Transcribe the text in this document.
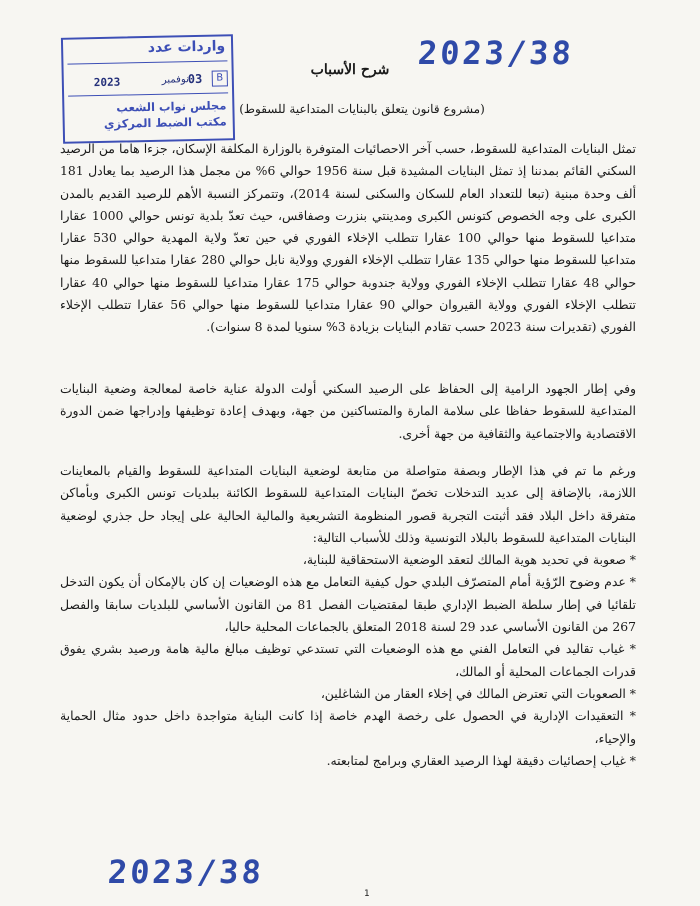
2023/38
واردات عدد
2023	نوفمبر
03	B
مجلس نواب الشعب
مكتب الضبط المركزي
شرح الأسباب
(مشروع قانون يتعلق بالبنايات المتداعية للسقوط)

تمثل البنايات المتداعية للسقوط، حسب آخر الاحصائيات المتوفرة بالوزارة المكلفة الإسكان، جزءا هاما من الرصيد السكني القائم بمدننا إذ تمثل البنايات المشيدة قبل سنة 1956 حوالي 6% من مجمل هذا الرصيد بما يعادل 181 ألف وحدة مبنية (تبعا للتعداد العام للسكان والسكنى لسنة 2014)، وتتمركز النسبة الأهم للرصيد القديم بالمدن الكبرى على وجه الخصوص كتونس الكبرى ومدينتي بنزرت وصفاقس، حيث تعدّ بلدية تونس حوالي 1000 عقارا متداعيا للسقوط منها حوالي 100 عقارا تتطلب الإخلاء الفوري في حين تعدّ ولاية المهدية حوالي 530 عقارا متداعيا للسقوط منها حوالي 135 عقارا تتطلب الإخلاء الفوري وولاية نابل حوالي 280 عقارا متداعيا للسقوط منها حوالي 48 عقارا تتطلب الإخلاء الفوري وولاية جندوبة حوالي 175 عقارا متداعيا للسقوط منها حوالي 40 عقارا تتطلب الإخلاء الفوري وولاية القيروان حوالي 90 عقارا متداعيا للسقوط منها حوالي 56 عقارا تتطلب الإخلاء الفوري (تقديرات سنة 2023 حسب تقادم البنايات بزيادة 3% سنويا لمدة 8 سنوات).

وفي إطار الجهود الرامية إلى الحفاظ على الرصيد السكني أولت الدولة عناية خاصة لمعالجة وضعية البنايات المتداعية للسقوط حفاظا على سلامة المارة والمتساكنين من جهة، وبهدف إعادة توظيفها وإدراجها ضمن الدورة الاقتصادية والاجتماعية والثقافية من جهة أخرى.

ورغم ما تم في هذا الإطار وبصفة متواصلة من متابعة لوضعية البنايات المتداعية للسقوط والقيام بالمعاينات اللازمة، بالإضافة إلى عديد التدخلات تخصّ البنايات المتداعية للسقوط الكائنة ببلديات تونس الكبرى وبأماكن متفرقة داخل البلاد فقد أثبتت التجربة قصور المنظومة التشريعية والمالية الحالية على إيجاد حل جذري لوضعية البنايات المتداعية للسقوط بالبلاد التونسية وذلك للأسباب التالية:

* صعوبة في تحديد هوية المالك لتعقد الوضعية الاستحقاقية للبناية،

* عدم وضوح الرّؤية أمام المتصرّف البلدي حول كيفية التعامل مع هذه الوضعيات إن كان بالإمكان أن يكون التدخل تلقائيا في إطار سلطة الضبط الإداري طبقا لمقتضيات الفصل 81 من القانون الأساسي للبلديات سابقا والفصل 267 من القانون الأساسي عدد 29 لسنة 2018 المتعلق بالجماعات المحلية حاليا،

* غياب تقاليد في التعامل الفني مع هذه الوضعيات التي تستدعي توظيف مبالغ مالية هامة ورصيد بشري يفوق قدرات الجماعات المحلية أو المالك،

* الصعوبات التي تعترض المالك في إخلاء العقار من الشاغلين،

* التعقيدات الإدارية في الحصول على رخصة الهدم خاصة إذا كانت البناية متواجدة داخل حدود مثال الحماية والإحياء،

* غياب إحصائيات دقيقة لهذا الرصيد العقاري وبرامج لمتابعته.

2023/38
1
